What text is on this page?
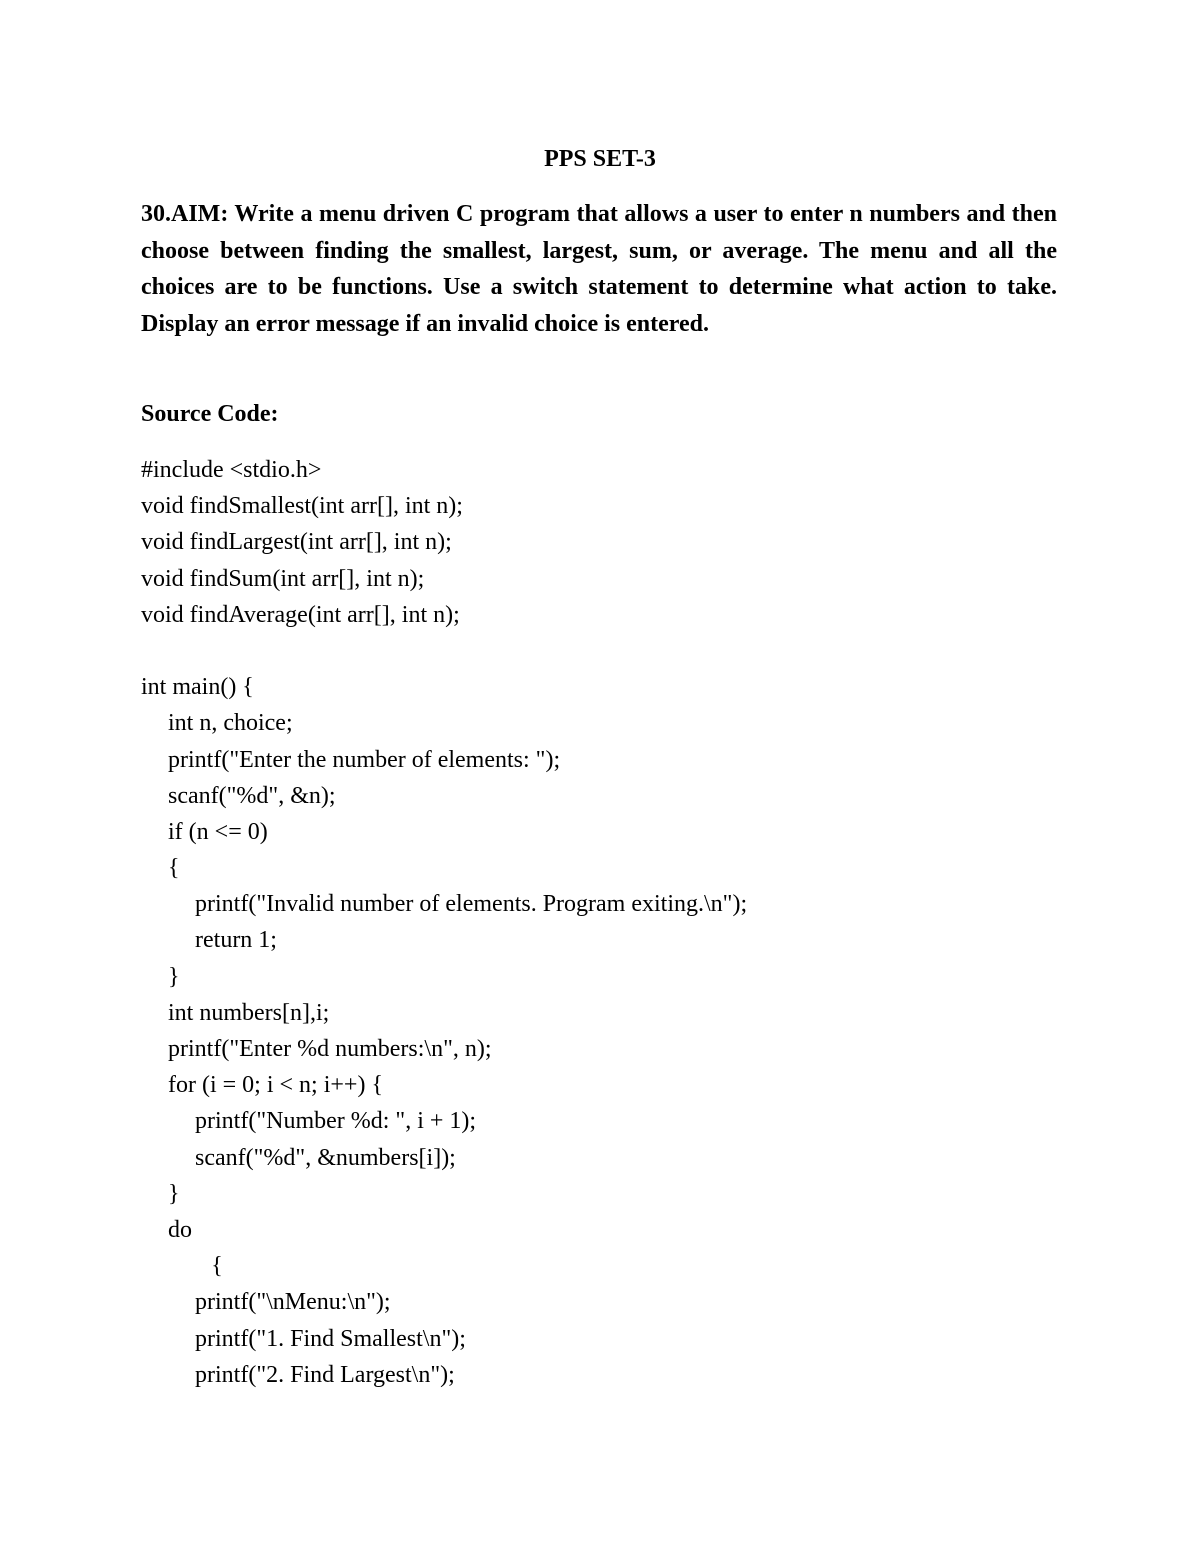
PPS SET-3

30.AIM: Write a menu driven C program that allows a user to enter n numbers and then choose between finding the smallest, largest, sum, or average. The menu and all the choices are to be functions. Use a switch statement to determine what action to take. Display an error message if an invalid choice is entered.

Source Code:
#include <stdio.h>
void findSmallest(int arr[], int n);
void findLargest(int arr[], int n);
void findSum(int arr[], int n);
void findAverage(int arr[], int n);
int main() {
int n, choice;
printf("Enter the number of elements: ");
scanf("%d", &n);
if (n <= 0)
{
printf("Invalid number of elements. Program exiting.\n");
return 1;
}
int numbers[n],i;
printf("Enter %d numbers:\n", n);
for (i = 0; i < n; i++) {
printf("Number %d: ", i + 1);
scanf("%d", &numbers[i]);
}
do
{
printf("\nMenu:\n");
printf("1. Find Smallest\n");
printf("2. Find Largest\n");
